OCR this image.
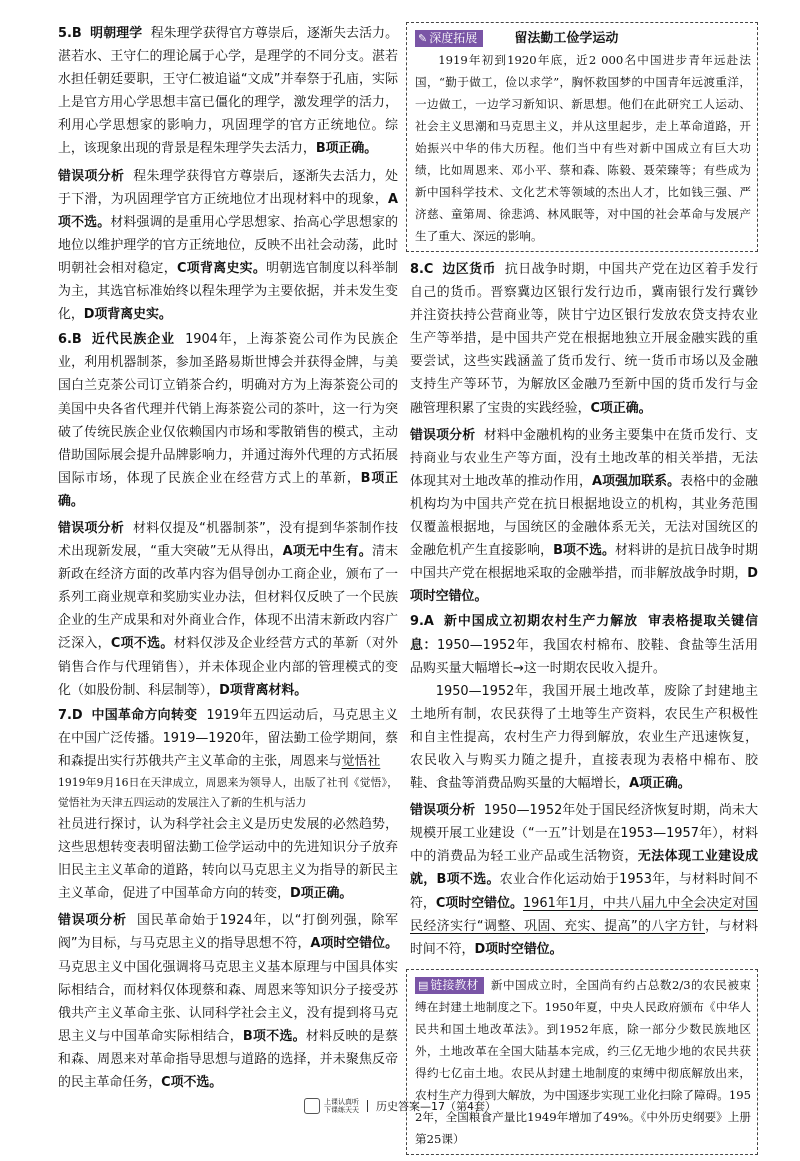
5.B 明朝理学 程朱理学获得官方尊崇后，逐渐失去活力。湛若水、王守仁的理论属于心学，是理学的不同分支。湛若水担任朝廷要职，王守仁被追谥“文成”并奉祭于孔庙，实际上是官方用心学思想丰富已僵化的理学，激发理学的活力，利用心学思想家的影响力，巩固理学的官方正统地位。综上，该现象出现的背景是程朱理学失去活力，B项正确。

错误项分析 程朱理学获得官方尊崇后，逐渐失去活力，处于下滑，为巩固理学官方正统地位才出现材料中的现象，A项不选。材料强调的是重用心学思想家、抬高心学思想家的地位以维护理学的官方正统地位，反映不出社会动荡，此时明朝社会相对稳定，C项背离史实。明朝选官制度以科举制为主，其选官标准始终以程朱理学为主要依据，并未发生变化，D项背离史实。

6.B 近代民族企业 1904年，上海茶瓷公司作为民族企业，利用机器制茶，参加圣路易斯世博会并获得金牌，与美国白兰克茶公司订立销茶合约，明确对方为上海茶瓷公司的美国中央各省代理并代销上海茶瓷公司的茶叶，这一行为突破了传统民族企业仅依赖国内市场和零散销售的模式，主动借助国际展会提升品牌影响力，并通过海外代理的方式拓展国际市场，体现了民族企业在经营方式上的革新，B项正确。

错误项分析 材料仅提及“机器制茶”，没有提到华茶制作技术出现新发展，“重大突破”无从得出，A项无中生有。清末新政在经济方面的改革内容为倡导创办工商企业，颁布了一系列工商业规章和奖励实业办法，但材料仅反映了一个民族企业的生产成果和对外商业合作，体现不出清末新政内容广泛深入，C项不选。材料仅涉及企业经营方式的革新（对外销售合作与代理销售），并未体现企业内部的管理模式的变化（如股份制、科层制等），D项背离材料。

7.D 中国革命方向转变 1919年五四运动后，马克思主义在中国广泛传播。1919—1920年，留法勤工俭学期间，蔡和森提出实行苏俄共产主义革命的主张，周恩来与觉悟社

1919年9月16日在天津成立，周恩来为领导人，出版了社刊《觉悟》，觉悟社为天津五四运动的发展注入了新的生机与活力

社员进行探讨，认为科学社会主义是历史发展的必然趋势，这些思想转变表明留法勤工俭学运动中的先进知识分子放弃旧民主主义革命的道路，转向以马克思主义为指导的新民主主义革命，促进了中国革命方向的转变，D项正确。

错误项分析 国民革命始于1924年，以“打倒列强，除军阀”为目标，与马克思主义的指导思想不符，A项时空错位。马克思主义中国化强调将马克思主义基本原理与中国具体实际相结合，而材料仅体现蔡和森、周恩来等知识分子接受苏俄共产主义革命主张、认同科学社会主义，没有提到将马克思主义与中国革命实际相结合，B项不选。材料反映的是蔡和森、周恩来对革命指导思想与道路的选择，并未聚焦反帝的民主革命任务，C项不选。

✎ 深度拓展	留法勤工俭学运动

1919年初到1920年底，近2 000名中国进步青年远赴法国，“勤于做工，俭以求学”，胸怀救国梦的中国青年远渡重洋，一边做工，一边学习新知识、新思想。他们在此研究工人运动、社会主义思潮和马克思主义，并从这里起步，走上革命道路，开始振兴中华的伟大历程。他们当中有些对新中国成立有巨大功绩，比如周恩来、邓小平、蔡和森、陈毅、聂荣臻等；有些成为新中国科学技术、文化艺术等领域的杰出人才，比如钱三强、严济慈、童第周、徐悲鸿、林风眠等，对中国的社会革命与发展产生了重大、深远的影响。

8.C 边区货币 抗日战争时期，中国共产党在边区着手发行自己的货币。晋察冀边区银行发行边币，冀南银行发行冀钞并注资扶持公营商业等，陕甘宁边区银行发放农贷支持农业生产等举措，是中国共产党在根据地独立开展金融实践的重要尝试，这些实践涵盖了货币发行、统一货币市场以及金融支持生产等环节，为解放区金融乃至新中国的货币发行与金融管理积累了宝贵的实践经验，C项正确。

错误项分析 材料中金融机构的业务主要集中在货币发行、支持商业与农业生产等方面，没有土地改革的相关举措，无法体现其对土地改革的推动作用，A项强加联系。表格中的金融机构均为中国共产党在抗日根据地设立的机构，其业务范围仅覆盖根据地，与国统区的金融体系无关，无法对国统区的金融危机产生直接影响，B项不选。材料讲的是抗日战争时期中国共产党在根据地采取的金融举措，而非解放战争时期，D项时空错位。

9.A 新中国成立初期农村生产力解放 审表格提取关键信息：1950—1952年，我国农村棉布、胶鞋、食盐等生活用品购买量大幅增长→这一时期农民收入提升。

1950—1952年，我国开展土地改革，废除了封建地主土地所有制，农民获得了土地等生产资料，农民生产积极性和自主性提高，农村生产力得到解放，农业生产迅速恢复，农民收入与购买力随之提升，直接表现为表格中棉布、胶鞋、食盐等消费品购买量的大幅增长，A项正确。

错误项分析 1950—1952年处于国民经济恢复时期，尚未大规模开展工业建设（“一五”计划是在1953—1957年），材料中的消费品为轻工业产品或生活物资，无法体现工业建设成就，B项不选。农业合作化运动始于1953年，与材料时间不符，C项时空错位。1961年1月，中共八届九中全会决定对国民经济实行“调整、巩固、充实、提高”的八字方针，与材料时间不符，D项时空错位。

▤ 链接教材 新中国成立时，全国尚有约占总数2/3的农民被束缚在封建土地制度之下。1950年夏，中央人民政府颁布《中华人民共和国土地改革法》。到1952年底，除一部分少数民族地区外，土地改革在全国大陆基本完成，约三亿无地少地的农民共获得约七亿亩土地。农民从封建土地制度的束缚中彻底解放出来，农村生产力得到大解放，为中国逐步实现工业化扫除了障碍。1952年，全国粮食产量比1949年增加了49%。《中外历史纲要》上册第25课）

上课认真听
下课练天天 历史答案—17（第4套）
